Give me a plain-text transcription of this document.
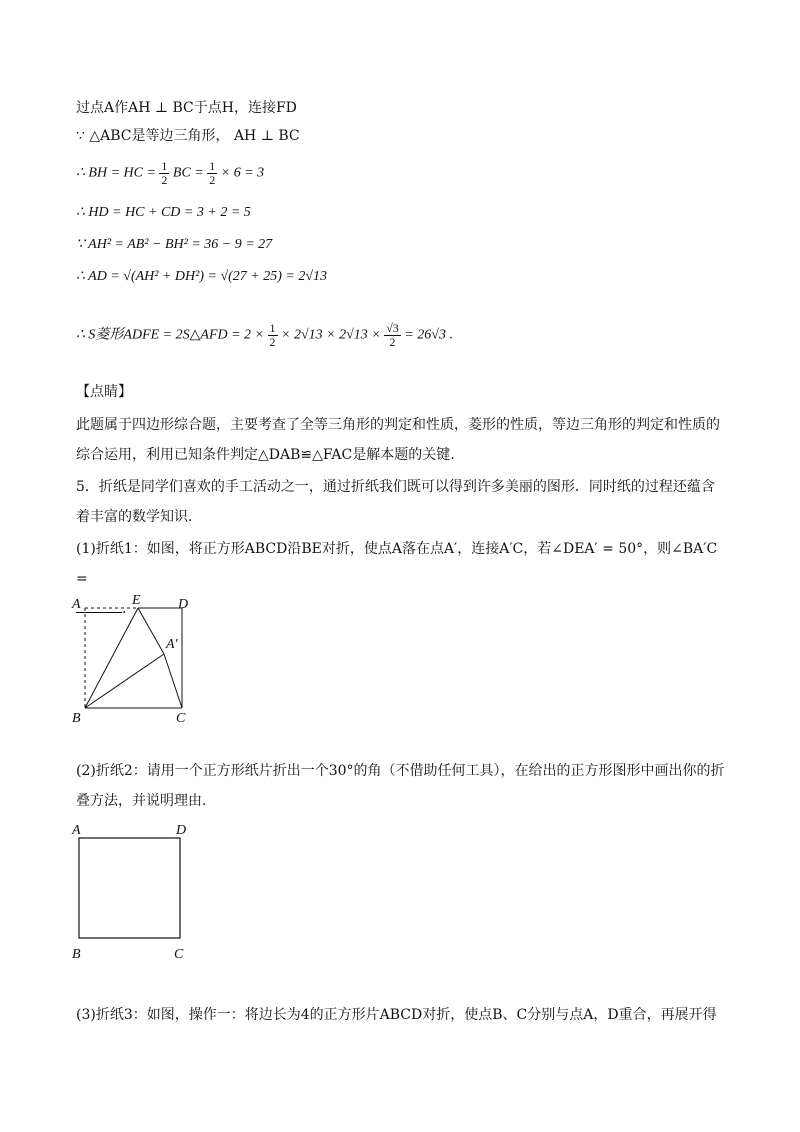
过点A作AH ⊥ BC于点H，连接FD
∵ △ABC是等边三角形， AH ⊥ BC
∴ BH = HC = $\frac{1}{2}$ BC = $\frac{1}{2} \times 6 = 3$
∴ HD = HC + CD = 3 + 2 = 5
∵ AH² = AB² − BH² = 36 − 9 = 27
∴ AD = √(AH² + DH²) = √(27 + 25) = 2√13
∴ S菱形ADFE = 2S△AFD = $2 \times \frac{1}{2} \times 2√13 \times 2√13 \times \frac{√3}{2} = 26√3$ .
【点睛】
此题属于四边形综合题，主要考查了全等三角形的判定和性质，菱形的性质，等边三角形的判定和性质的综合运用，利用已知条件判定△DAB≌△FAC是解本题的关键.
5．折纸是同学们喜欢的手工活动之一，通过折纸我们既可以得到许多美丽的图形．同时纸的过程还蕴含着丰富的数学知识．
(1)折纸1：如图，将正方形ABCD沿BE对折，使点A落在点A′，连接A′C，若∠DEA′ = 50°，则∠BA′C =
．
A	E	D
A′
B	C
(2)折纸2：请用一个正方形纸片折出一个30°的角（不借助任何工具），在给出的正方形图形中画出你的折叠方法，并说明理由．
A	D
B	C
(3)折纸3：如图，操作一：将边长为4的正方形片ABCD对折，使点B、C分别与点A，D重合，再展开得
